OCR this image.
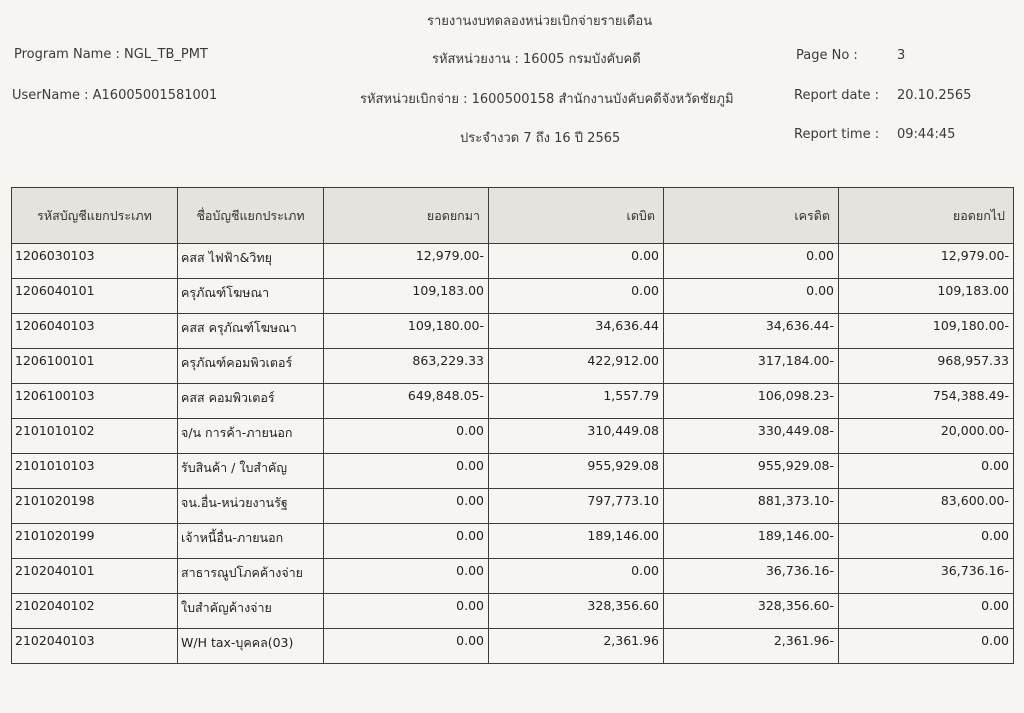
รายงานงบทดลองหน่วยเบิกจ่ายรายเดือน
Program Name : NGL_TB_PMT
UserName : A16005001581001
รหัสหน่วยงาน : 16005 กรมบังคับคดี
รหัสหน่วยเบิกจ่าย : 1600500158 สำนักงานบังคับคดีจังหวัดชัยภูมิ
ประจำงวด 7 ถึง 16 ปี 2565
Page No :	3
Report date : 20.10.2565
Report time : 09:44:45
รหัสบัญชีแยกประเภท	ชื่อบัญชีแยกประเภท	ยอดยกมา	เดบิต	เครดิต	ยอดยกไป
1206030103	คสส ไฟฟ้า&วิทยุ	12,979.00-	0.00	0.00	12,979.00-
1206040101	ครุภัณฑ์โฆษณา	109,183.00	0.00	0.00	109,183.00
1206040103	คสส ครุภัณฑ์โฆษณา	109,180.00-	34,636.44	34,636.44-	109,180.00-
1206100101	ครุภัณฑ์คอมพิวเตอร์	863,229.33	422,912.00	317,184.00-	968,957.33
1206100103	คสส คอมพิวเตอร์	649,848.05-	1,557.79	106,098.23-	754,388.49-
2101010102	จ/น การค้า-ภายนอก	0.00	310,449.08	330,449.08-	20,000.00-
2101010103	รับสินค้า / ใบสำคัญ	0.00	955,929.08	955,929.08-	0.00
2101020198	จน.อื่น-หน่วยงานรัฐ	0.00	797,773.10	881,373.10-	83,600.00-
2101020199	เจ้าหนี้อื่น-ภายนอก	0.00	189,146.00	189,146.00-	0.00
2102040101	สาธารณูปโภคค้างจ่าย	0.00	0.00	36,736.16-	36,736.16-
2102040102	ใบสำคัญค้างจ่าย	0.00	328,356.60	328,356.60-	0.00
2102040103	W/H tax-บุคคล(03)	0.00	2,361.96	2,361.96-	0.00
